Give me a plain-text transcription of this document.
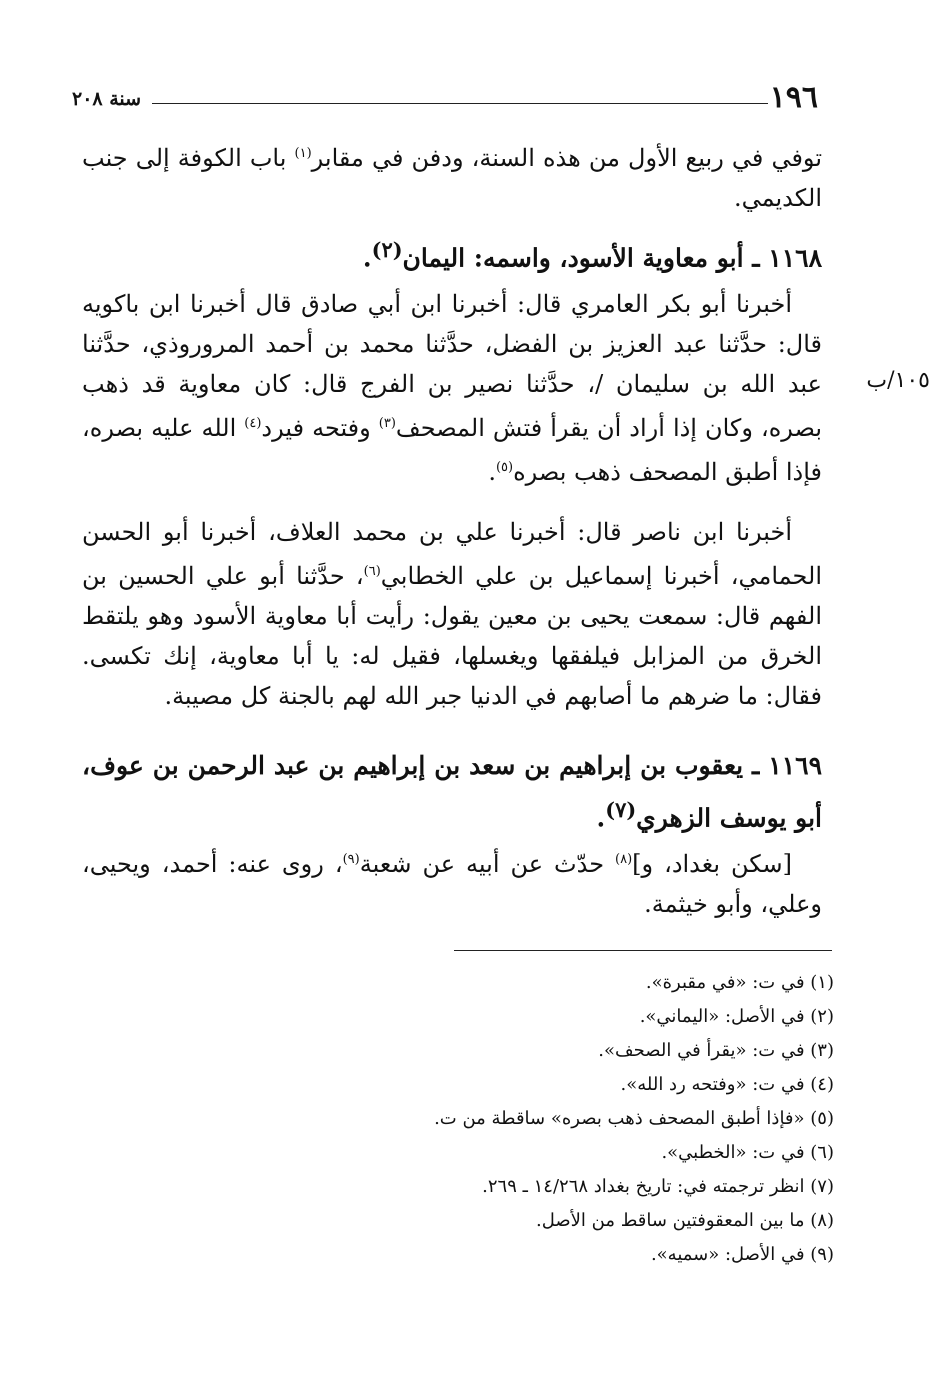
١٩٦
سنة ٢٠٨
توفي في ربيع الأول من هذه السنة، ودفن في مقابر$^{(١)}$ باب الكوفة إلى جنب الكديمي.
١١٦٨ ـ أبو معاوية الأسود، واسمه: اليمان$^{(٢)}$.
أخبرنا أبو بكر العامري قال: أخبرنا ابن أبي صادق قال أخبرنا ابن باكويه قال: حدَّثنا عبد العزيز بن الفضل، حدَّثنا محمد بن أحمد المروروذي، حدَّثنا عبد الله بن سليمان /، حدَّثنا نصير بن الفرج قال: كان معاوية قد ذهب بصره، وكان إذا أراد أن يقرأ فتش المصحف$^{(٣)}$ وفتحه فيرد$^{(٤)}$ الله عليه بصره، فإذا أطبق المصحف ذهب بصره$^{(٥)}$.
١٠٥/ب
أخبرنا ابن ناصر قال: أخبرنا علي بن محمد العلاف، أخبرنا أبو الحسن الحمامي، أخبرنا إسماعيل بن علي الخطابي$^{(٦)}$، حدَّثنا أبو علي الحسين بن الفهم قال: سمعت يحيى بن معين يقول: رأيت أبا معاوية الأسود وهو يلتقط الخرق من المزابل فيلفقها ويغسلها، فقيل له: يا أبا معاوية، إنك تكسى. فقال: ما ضرهم ما أصابهم في الدنيا جبر الله لهم بالجنة كل مصيبة.
١١٦٩ ـ يعقوب بن إبراهيم بن سعد بن إبراهيم بن عبد الرحمن بن عوف، أبو يوسف الزهري$^{(٧)}$.
[سكن بغداد، و]$^{(٨)}$ حدّث عن أبيه عن شعبة$^{(٩)}$، روى عنه: أحمد، ويحيى، وعلي، وأبو خيثمة.
(١) في ت: «في مقبرة».
(٢) في الأصل: «اليماني».
(٣) في ت: «يقرأ في الصحف».
(٤) في ت: «وفتحه رد الله».
(٥) «فإذا أطبق المصحف ذهب بصره» ساقطة من ت.
(٦) في ت: «الخطبي».
(٧) انظر ترجمته في: تاريخ بغداد ١٤/٢٦٨ ـ ٢٦٩.
(٨) ما بين المعقوفتين ساقط من الأصل.
(٩) في الأصل: «سميه».
